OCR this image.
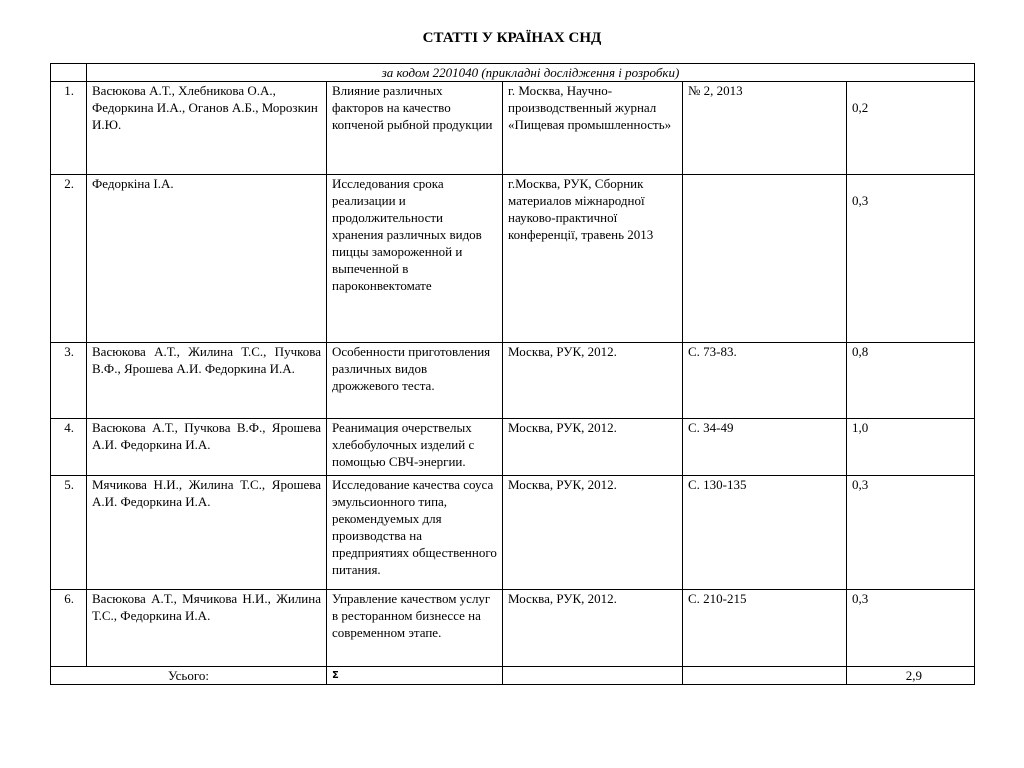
СТАТТІ У КРАЇНАХ СНД
	за кодом 2201040 (прикладні дослідження і розробки)				
1.	Васюкова А.Т., Хлебникова О.А., Федоркина И.А., Оганов А.Б., Морозкин И.Ю.	Влияние различных факторов на качество копченой рыбной продукции	г. Москва, Научно-производственный журнал «Пищевая промышленность»	№ 2, 2013	0,2
2.	Федоркіна І.А.	Исследования срока реализации и продолжительности хранения различных видов пиццы замороженной и выпеченной в пароконвектомате	г.Москва, РУК, Сборник материалов міжнародної науково-практичної конференції, травень 2013		0,3
3.	Васюкова А.Т., Жилина Т.С., Пучкова В.Ф., Ярошева А.И. Федоркина И.А.	Особенности приготовления различных видов дрожжевого теста.	Москва, РУК, 2012.	С. 73-83.	0,8
4.	Васюкова А.Т., Пучкова В.Ф., Ярошева А.И. Федоркина И.А.	Реанимация очерствелых хлебобулочных изделий с помощью СВЧ-энергии.	Москва, РУК, 2012.	С. 34-49	1,0
5.	Мячикова Н.И., Жилина Т.С., Ярошева А.И. Федоркина И.А.	Исследование качества соуса эмульсионного типа, рекомендуемых для производства на предприятиях общественного питания.	Москва, РУК, 2012.	С. 130-135	0,3
6.	Васюкова А.Т., Мячикова Н.И., Жилина Т.С., Федоркина И.А.	Управление качеством услуг в ресторанном бизнессе на современном этапе.	Москва, РУК, 2012.	С. 210-215	0,3
Усього:		Σ			2,9
